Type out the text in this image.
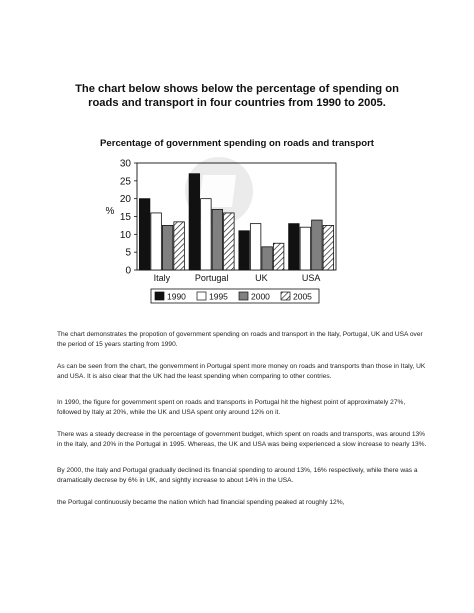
The chart below shows below the percentage of spending on roads and transport in four countries from 1990 to 2005.
Percentage of government spending on roads and transport
%
0
5
10
15
20
25
30
Italy	Portugal	UK	USA
1990	1995	2000	2005

The chart demonstrates the propotion of government spending on roads and transport in the Italy, Portugal, UK and USA over the period of 15 years starting from 1990.

As can be seen from the chart, the gonvernment in Portugal spent more money on roads and transports than those in Italy, UK and USA. It is also clear that the UK had the least spending when comparing to other contries.

In 1990, the figure for government spent on roads and transports in Portugal hit the highest point of approximately 27%, followed by Italy at 20%, while the UK and USA spent only around 12% on it.

There was a steady decrease in the percentage of government budget, which spent on roads and transports, was around 13% in the Italy, and 20% in the Portugal in 1995. Whereas, the UK and USA was being experienced a slow increase to nearly 13%.

By 2000, the Italy and Portugal gradually declined its financial spending to around 13%, 16% respectively, while there was a dramatically decrese by 6% in UK, and sightly increase to about 14% in the USA.

the Portugal continuously became the nation which had financial spending peaked at roughly 12%,
